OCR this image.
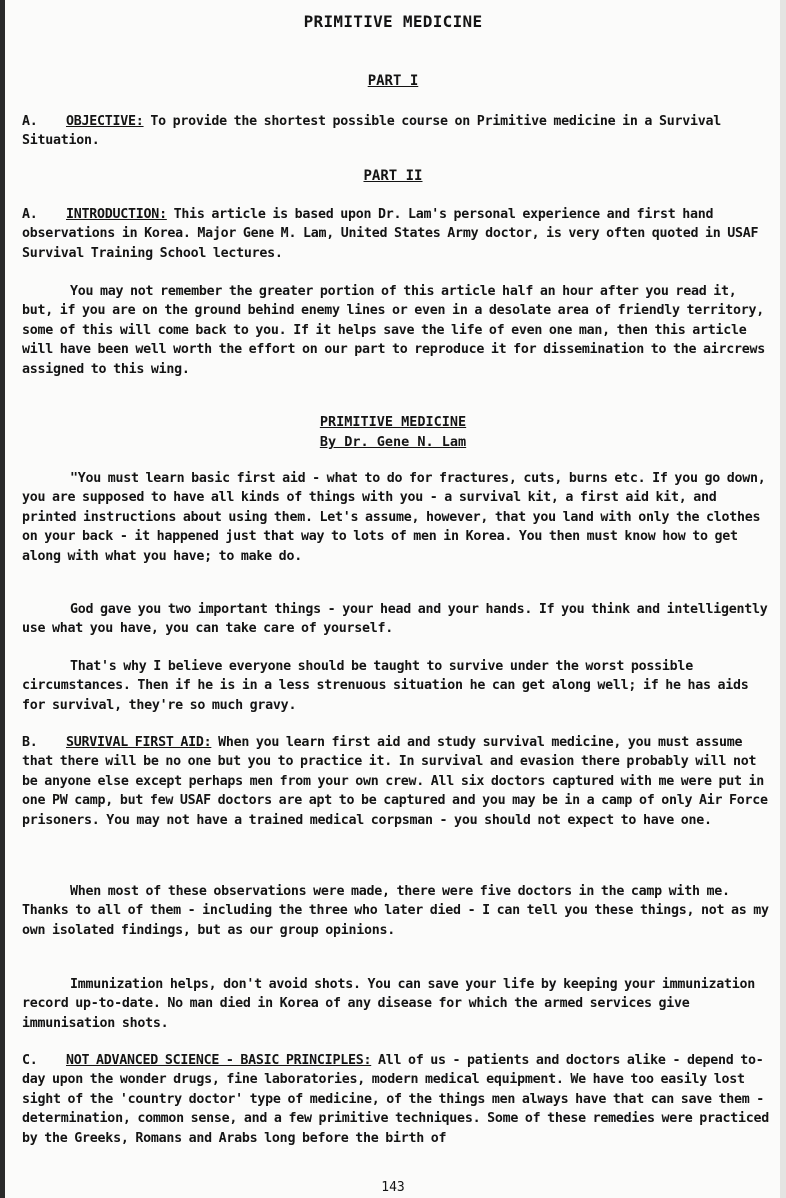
PRIMITIVE MEDICINE
PART I
A. OBJECTIVE: To provide the shortest possible course on Primitive medicine in a Survival Situation.
PART II
A. INTRODUCTION: This article is based upon Dr. Lam's personal experience and first hand observations in Korea. Major Gene M. Lam, United States Army doctor, is very often quoted in USAF Survival Training School lectures.
You may not remember the greater portion of this article half an hour after you read it, but, if you are on the ground behind enemy lines or even in a desolate area of friendly territory, some of this will come back to you. If it helps save the life of even one man, then this article will have been well worth the effort on our part to reproduce it for dissemination to the aircrews assigned to this wing.
PRIMITIVE MEDICINE
By Dr. Gene N. Lam
"You must learn basic first aid - what to do for fractures, cuts, burns etc. If you go down, you are supposed to have all kinds of things with you - a survival kit, a first aid kit, and printed instructions about using them. Let's assume, however, that you land with only the clothes on your back - it happened just that way to lots of men in Korea. You then must know how to get along with what you have; to make do.
God gave you two important things - your head and your hands. If you think and intelligently use what you have, you can take care of yourself.
That's why I believe everyone should be taught to survive under the worst possible circumstances. Then if he is in a less strenuous situation he can get along well; if he has aids for survival, they're so much gravy.
B. SURVIVAL FIRST AID: When you learn first aid and study survival medicine, you must assume that there will be no one but you to practice it. In survival and evasion there probably will not be anyone else except perhaps men from your own crew. All six doctors captured with me were put in one PW camp, but few USAF doctors are apt to be captured and you may be in a camp of only Air Force prisoners. You may not have a trained medical corpsman - you should not expect to have one.
When most of these observations were made, there were five doctors in the camp with me. Thanks to all of them - including the three who later died - I can tell you these things, not as my own isolated findings, but as our group opinions.
Immunization helps, don't avoid shots. You can save your life by keeping your immunization record up-to-date. No man died in Korea of any disease for which the armed services give immunisation shots.
C. NOT ADVANCED SCIENCE - BASIC PRINCIPLES: All of us - patients and doctors alike - depend to-day upon the wonder drugs, fine laboratories, modern medical equipment. We have too easily lost sight of the 'country doctor' type of medicine, of the things men always have that can save them - determination, common sense, and a few primitive techniques. Some of these remedies were practiced by the Greeks, Romans and Arabs long before the birth of
143
